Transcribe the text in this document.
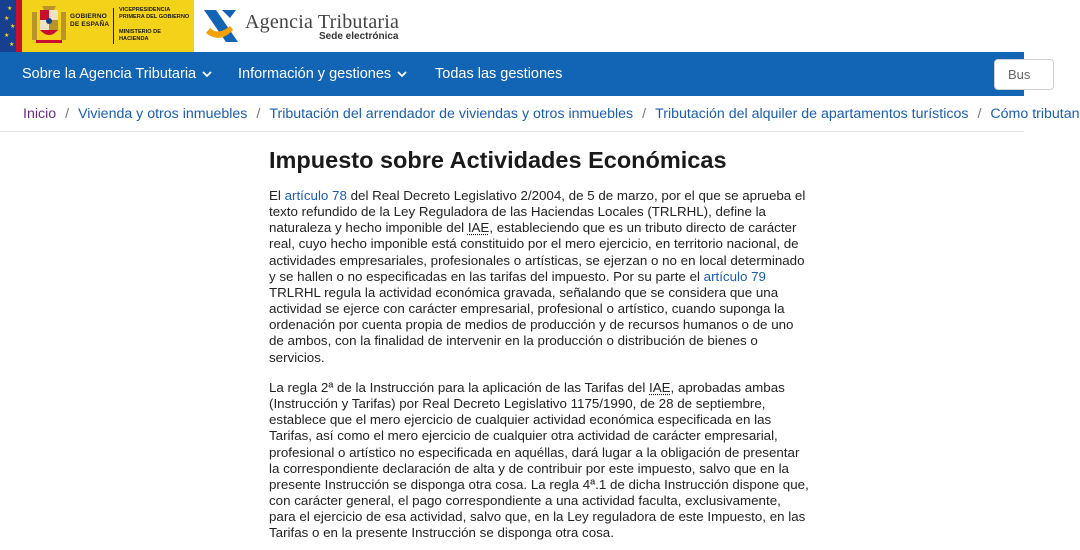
★
★
★
★
★
GOBIERNO
DE ESPAÑA
VICEPRESIDENCIA PRIMERA DEL GOBIERNO
MINISTERIO DE HACIENDA
Agencia Tributaria
Sede electrónica
Sobre la Agencia Tributaria	Información y gestiones	Todas las gestiones	Bus
Inicio / Vivienda y otros inmuebles / Tributación del arrendador de viviendas y otros inmuebles / Tributación del alquiler de apartamentos turísticos / Cómo tributan
Impuesto sobre Actividades Económicas

El artículo 78 del Real Decreto Legislativo 2/2004, de 5 de marzo, por el que se aprueba el texto refundido de la Ley Reguladora de las Haciendas Locales (TRLRHL), define la naturaleza y hecho imponible del IAE, estableciendo que es un tributo directo de carácter real, cuyo hecho imponible está constituido por el mero ejercicio, en territorio nacional, de actividades empresariales, profesionales o artísticas, se ejerzan o no en local determinado y se hallen o no especificadas en las tarifas del impuesto. Por su parte el artículo 79 TRLRHL regula la actividad económica gravada, señalando que se considera que una actividad se ejerce con carácter empresarial, profesional o artístico, cuando suponga la ordenación por cuenta propia de medios de producción y de recursos humanos o de uno de ambos, con la finalidad de intervenir en la producción o distribución de bienes o servicios.

La regla 2ª de la Instrucción para la aplicación de las Tarifas del IAE, aprobadas ambas (Instrucción y Tarifas) por Real Decreto Legislativo 1175/1990, de 28 de septiembre, establece que el mero ejercicio de cualquier actividad económica especificada en las Tarifas, así como el mero ejercicio de cualquier otra actividad de carácter empresarial, profesional o artístico no especificada en aquéllas, dará lugar a la obligación de presentar la correspondiente declaración de alta y de contribuir por este impuesto, salvo que en la presente Instrucción se disponga otra cosa. La regla 4ª.1 de dicha Instrucción dispone que, con carácter general, el pago correspondiente a una actividad faculta, exclusivamente, para el ejercicio de esa actividad, salvo que, en la Ley reguladora de este Impuesto, en las Tarifas o en la presente Instrucción se disponga otra cosa.
